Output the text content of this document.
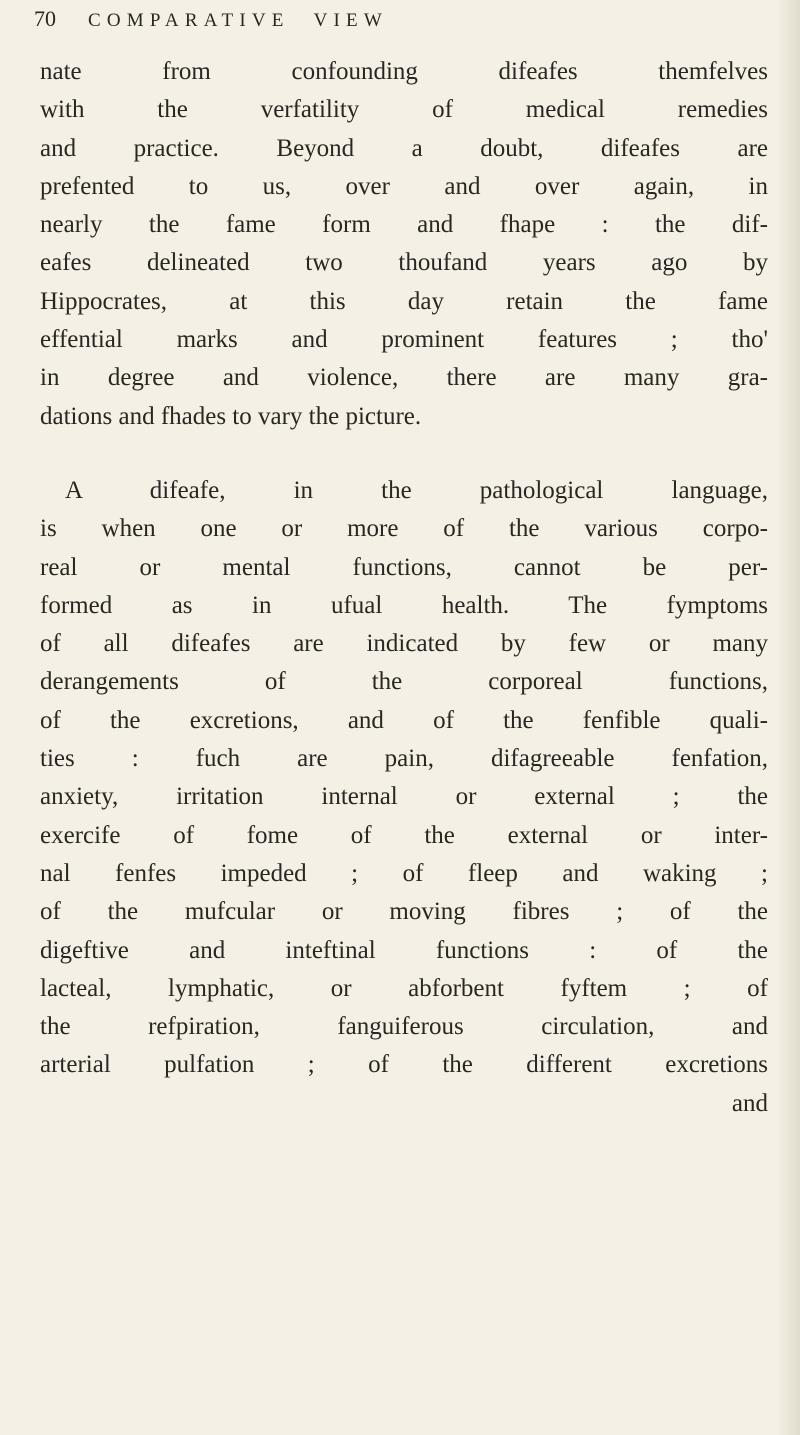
70	COMPARATIVE VIEW
nate from confounding difeafes themfelves
with the verfatility of medical remedies
and practice. Beyond a doubt, difeafes are
prefented to us, over and over again, in
nearly the fame form and fhape : the dif-
eafes delineated two thoufand years ago by
Hippocrates, at this day retain the fame
effential marks and prominent features ; tho'
in degree and violence, there are many gra-
dations and fhades to vary the picture.
A difeafe, in the pathological language,
is when one or more of the various corpo-
real or mental functions, cannot be per-
formed as in ufual health. The fymptoms
of all difeafes are indicated by few or many
derangements of the corporeal functions,
of the excretions, and of the fenfible quali-
ties : fuch are pain, difagreeable fenfation,
anxiety, irritation internal or external ; the
exercife of fome of the external or inter-
nal fenfes impeded ; of fleep and waking ;
of the mufcular or moving fibres ; of the
digeftive and inteftinal functions : of the
lacteal, lymphatic, or abforbent fyftem ; of
the refpiration, fanguiferous circulation, and
arterial pulfation ; of the different excretions
and
